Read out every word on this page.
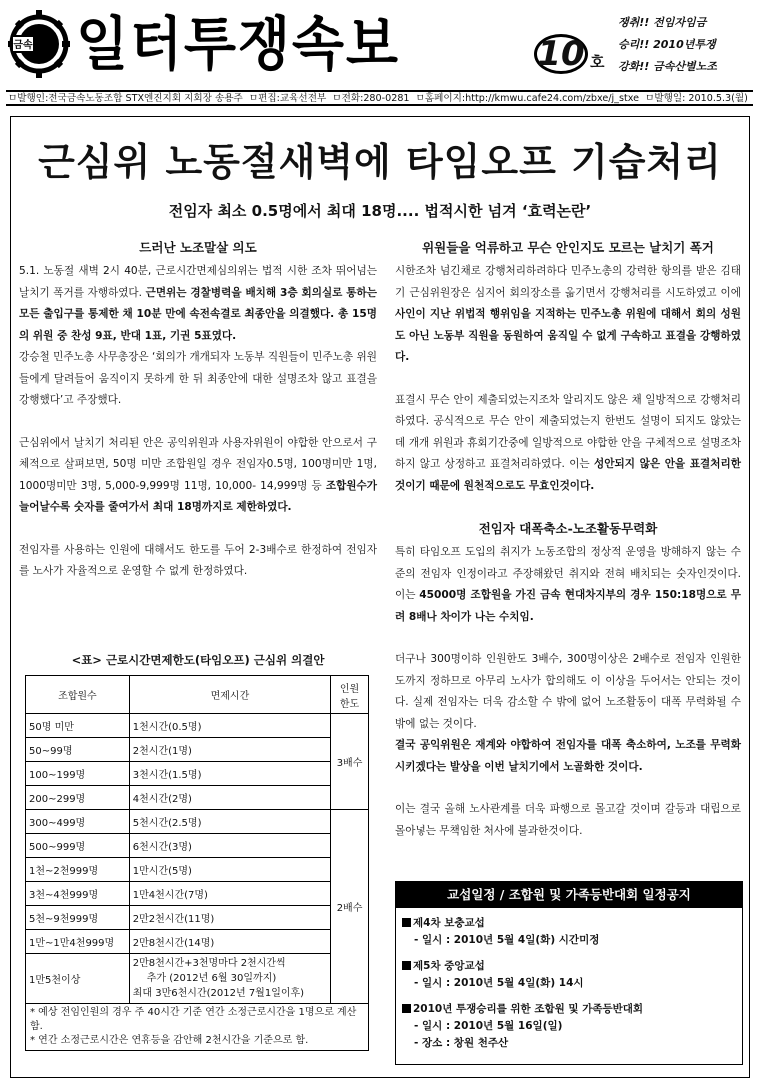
금속 일터투쟁속보	10 호
쟁취!! 전임자임금
승리!! 2010년투쟁
강화!! 금속산별노조
ㅁ발행인:전국금속노동조합 STX엔진지회 지회장 송용주 ㅁ편집:교육선전부 ㅁ전화:280-0281 ㅁ홈페이지:http://kmwu.cafe24.com/zbxe/j_stxe ㅁ발행일: 2010.5.3(월)
근심위 노동절새벽에 타임오프 기습처리
전임자 최소 0.5명에서 최대 18명.... 법적시한 넘겨 ‘효력논란’
드러난 노조말살 의도
5.1. 노동절 새벽 2시 40분, 근로시간면제심의위는 법적 시한 조차 뛰어넘는 날치기 폭거를 자행하였다. 근면위는 경찰병력을 배치해 3층 회의실로 통하는 모든 출입구를 통제한 채 10분 만에 속전속결로 최종안을 의결했다. 총 15명의 위원 중 찬성 9표, 반대 1표, 기권 5표였다.
강승철 민주노총 사무총장은 ‘회의가 개개되자 노동부 직원들이 민주노총 위원들에게 달려들어 움직이지 못하게 한 뒤 최종안에 대한 설명조차 않고 표결을 강행했다’고 주장했다.
근심위에서 날치기 처리된 안은 공익위원과 사용자위원이 야합한 안으로서 구체적으로 살펴보면, 50명 미만 조합원일 경우 전임자0.5명, 100명미만 1명, 1000명미만 3명, 5,000-9,999명 11명, 10,000- 14,999명 등 조합원수가 늘어날수록 숫자를 줄여가서 최대 18명까지로 제한하였다.
전임자를 사용하는 인원에 대해서도 한도를 두어 2-3배수로 한정하여 전임자를 노사가 자율적으로 운영할 수 없게 한정하였다.
<표> 근로시간면제한도(타임오프) 근심위 의결안
조합원수	면제시간	인원 한도
50명 미만	1천시간(0.5명)	3배수
50~99명	2천시간(1명)	
100~199명	3천시간(1.5명)	
200~299명	4천시간(2명)	
300~499명	5천시간(2.5명)	2배수
500~999명	6천시간(3명)	
1천~2천999명	1만시간(5명)	
3천~4천999명	1만4천시간(7명)	
5천~9천999명	2만2천시간(11명)	
1만~1만4천999명	2만8천시간(14명)	
1만5천이상	2만8천시간+3천명마다 2천시간씩
추가 (2012년 6월 30일까지)
최대 3만6천시간(2012년 7월1일이후)	

* 예상 전임인원의 경우 주 40시간 기준 연간 소정근로시간을 1명으로 계산함.
* 연간 소정근로시간은 연휴등을 감안해 2천시간을 기준으로 함.		
위원들을 억류하고 무슨 안인지도 모르는 날치기 폭거
시한조차 넘긴채로 강행처리하려하다 민주노총의 강력한 항의를 받은 김태기 근심위원장은 심지어 회의장소를 옮기면서 강행처리를 시도하였고 이에 사인이 지난 위법적 행위임을 지적하는 민주노총 위원에 대해서 회의 성원도 아닌 노동부 직원을 동원하여 움직일 수 없게 구속하고 표결을 강행하였다.
표결시 무슨 안이 제출되었는지조차 알리지도 않은 채 일방적으로 강행처리하였다. 공식적으로 무슨 안이 제출되었는지 한번도 설명이 되지도 않았는데 개개 위원과 휴회기간중에 일방적으로 야합한 안을 구체적으로 설명조차 하지 않고 상정하고 표결처리하였다. 이는 성안되지 않은 안을 표결처리한 것이기 때문에 원천적으로도 무효인것이다.
전임자 대폭축소-노조활동무력화
특히 타임오프 도입의 취지가 노동조합의 정상적 운영을 방해하지 않는 수준의 전임자 인정이라고 주장해왔던 취지와 전혀 배치되는 숫자인것이다. 이는 45000명 조합원을 가진 금속 현대차지부의 경우 150:18명으로 무려 8배나 차이가 나는 수치임.
더구나 300명이하 인원한도 3배수, 300명이상은 2배수로 전임자 인원한도까지 정하므로 아무리 노사가 합의해도 이 이상을 두어서는 안되는 것이다. 실제 전임자는 더욱 감소할 수 밖에 없어 노조활동이 대폭 무력화될 수 밖에 없는 것이다.
결국 공익위원은 재계와 야합하여 전임자를 대폭 축소하여, 노조를 무력화시키겠다는 발상을 이번 날치기에서 노골화한 것이다.
이는 결국 올해 노사관계를 더욱 파행으로 몰고갈 것이며 갈등과 대립으로 몰아넣는 무책임한 처사에 불과한것이다.
교섭일정 / 조합원 및 가족등반대회 일정공지
제4차 보충교섭
- 일시 : 2010년 5월 4일(화) 시간미정
제5차 중앙교섭
- 일시 : 2010년 5월 4일(화) 14시
2010년 투쟁승리를 위한 조합원 및 가족등반대회
- 일시 : 2010년 5월 16일(일)
- 장소 : 창원 천주산
